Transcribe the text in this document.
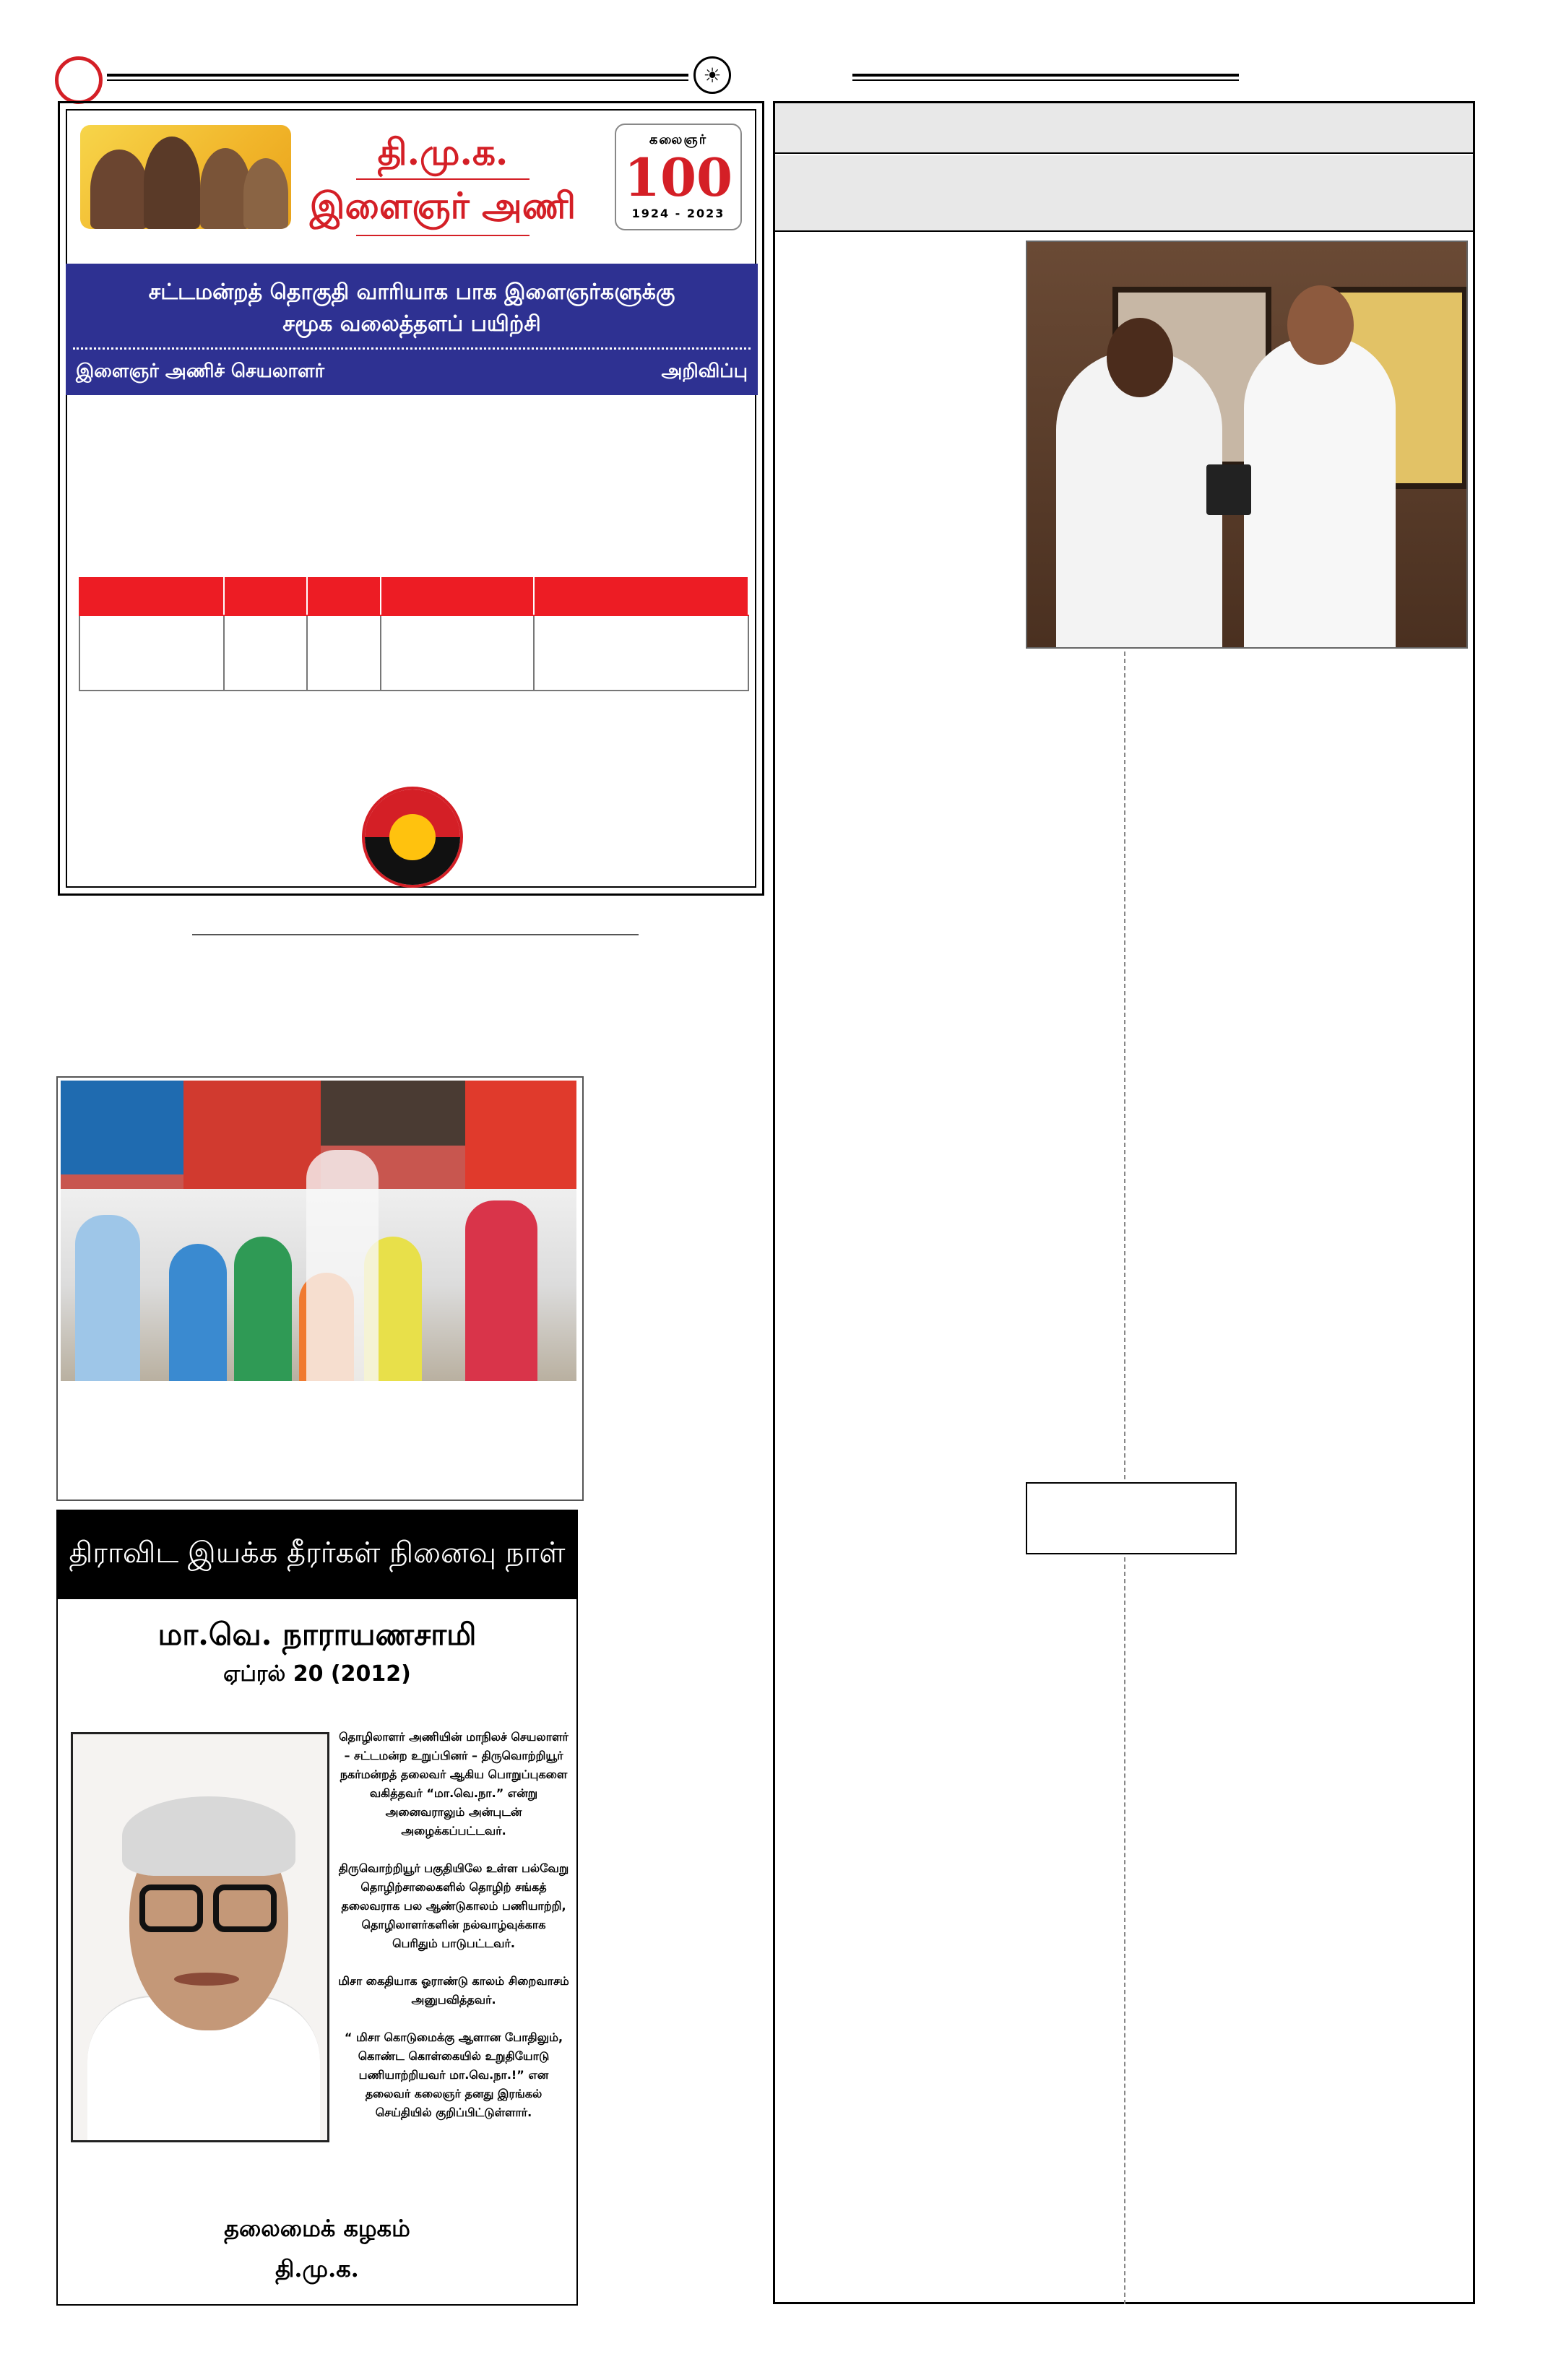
☀
தி.மு.க.
இளைஞர் அணி
கலைஞர்
100
1924 - 2023
சட்டமன்றத் தொகுதி வாரியாக பாக இளைஞர்களுக்கு
சமூக வலைத்தளப் பயிற்சி
இளைஞர் அணிச் செயலாளர்	அறிவிப்பு

திராவிட இயக்க தீரர்கள் நினைவு நாள்
மா.வெ. நாராயணசாமி
ஏப்ரல் 20 (2012)

தொழிலாளர் அணியின் மாநிலச் செயலாளர் – சட்டமன்ற உறுப்பினர் – திருவொற்றியூர் நகர்மன்றத் தலைவர் ஆகிய பொறுப்புகளை வகித்தவர் “மா.வெ.நா.” என்று அனைவராலும் அன்புடன் அழைக்கப்பட்டவர்.

திருவொற்றியூர் பகுதியிலே உள்ள பல்வேறு தொழிற்சாலைகளில் தொழிற் சங்கத் தலைவராக பல ஆண்டுகாலம் பணியாற்றி, தொழிலாளர்களின் நல்வாழ்வுக்காக பெரிதும் பாடுபட்டவர்.

மிசா கைதியாக ஓராண்டு காலம் சிறைவாசம் அனுபவித்தவர்.

“ மிசா கொடுமைக்கு ஆளான போதிலும், கொண்ட கொள்கையில் உறுதியோடு பணியாற்றியவர் மா.வெ.நா.!” என தலைவர் கலைஞர் தனது இரங்கல் செய்தியில் குறிப்பிட்டுள்ளார்.

தலைமைக் கழகம்
தி.மு.க.
